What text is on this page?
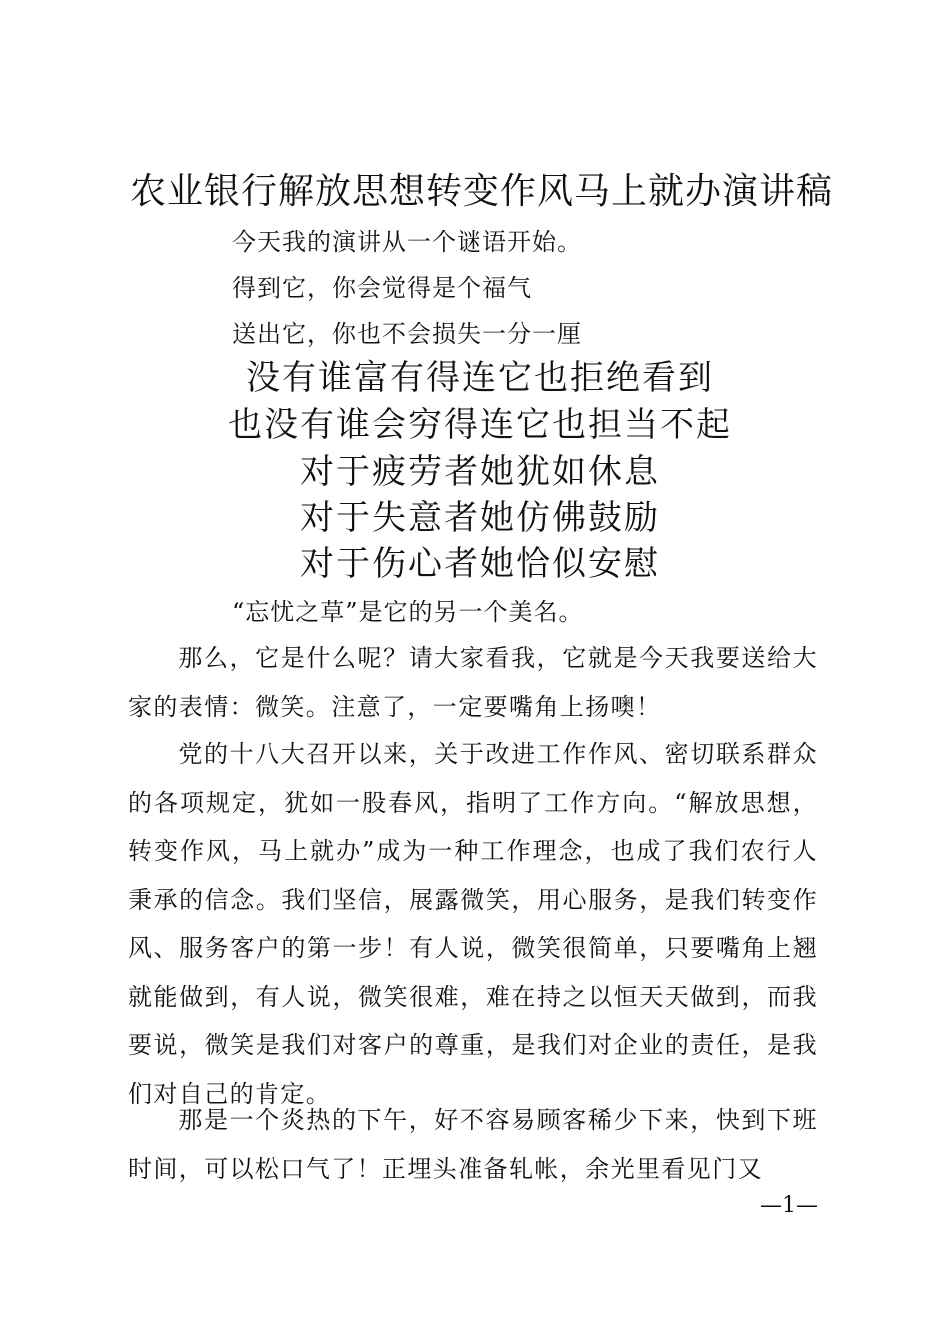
农业银行解放思想转变作风马上就办演讲稿
今天我的演讲从一个谜语开始。
得到它，你会觉得是个福气
送出它，你也不会损失一分一厘
没有谁富有得连它也拒绝看到
也没有谁会穷得连它也担当不起
对于疲劳者她犹如休息
对于失意者她仿佛鼓励
对于伤心者她恰似安慰
“忘忧之草”是它的另一个美名。
那么，它是什么呢？请大家看我，它就是今天我要送给大家的表情：微笑。注意了，一定要嘴角上扬噢！
党的十八大召开以来，关于改进工作作风、密切联系群众的各项规定，犹如一股春风，指明了工作方向。“解放思想，转变作风，马上就办”成为一种工作理念，也成了我们农行人秉承的信念。我们坚信，展露微笑，用心服务，是我们转变作风、服务客户的第一步！有人说，微笑很简单，只要嘴角上翘就能做到，有人说，微笑很难，难在持之以恒天天做到，而我要说，微笑是我们对客户的尊重，是我们对企业的责任，是我们对自己的肯定。
那是一个炎热的下午，好不容易顾客稀少下来，快到下班时间，可以松口气了！正埋头准备轧帐，余光里看见门又
—1—
